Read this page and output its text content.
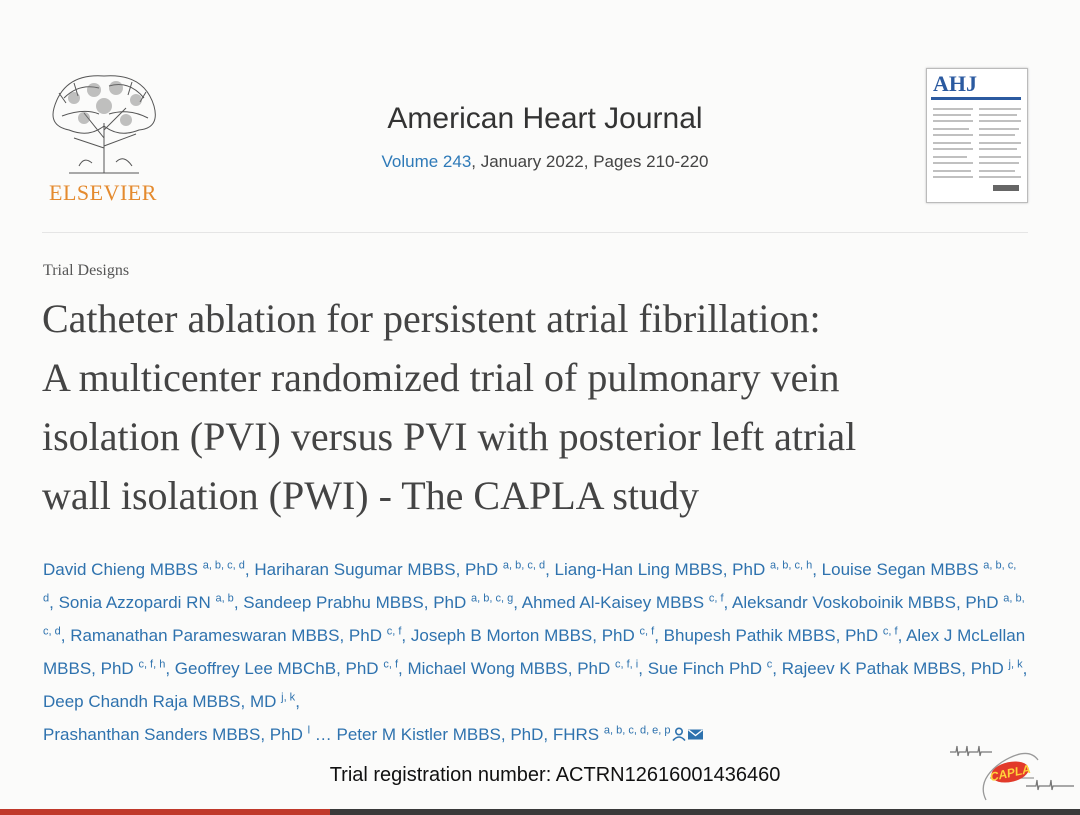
ELSEVIER
American Heart Journal
Volume 243, January 2022, Pages 210-220
AHJ
Trial Designs
Catheter ablation for persistent atrial fibrillation:
A multicenter randomized trial of pulmonary vein
isolation (PVI) versus PVI with posterior left atrial
wall isolation (PWI) - The CAPLA study
David Chieng MBBS $^{a, b, c, d}$, Hariharan Sugumar MBBS, PhD $^{a, b, c, d}$, Liang-Han Ling MBBS, PhD $^{a, b, c, h}$, Louise Segan MBBS $^{a, b, c, d}$, Sonia Azzopardi RN $^{a, b}$, Sandeep Prabhu MBBS, PhD $^{a, b, c, g}$, Ahmed Al-Kaisey MBBS $^{c, f}$, Aleksandr Voskoboinik MBBS, PhD $^{a, b, c, d}$, Ramanathan Parameswaran MBBS, PhD $^{c, f}$, Joseph B Morton MBBS, PhD $^{c, f}$, Bhupesh Pathik MBBS, PhD $^{c, f}$, Alex J McLellan MBBS, PhD $^{c, f, h}$, Geoffrey Lee MBChB, PhD $^{c, f}$, Michael Wong MBBS, PhD $^{c, f, i}$, Sue Finch PhD $^c$, Rajeev K Pathak MBBS, PhD $^{j, k}$, Deep Chandh Raja MBBS, MD $^{j, k}$,
Prashanthan Sanders MBBS, PhD $^l$ … Peter M Kistler MBBS, PhD, FHRS $^{a, b, c, d, e, p}$
Trial registration number: ACTRN12616001436460	CAPLA
